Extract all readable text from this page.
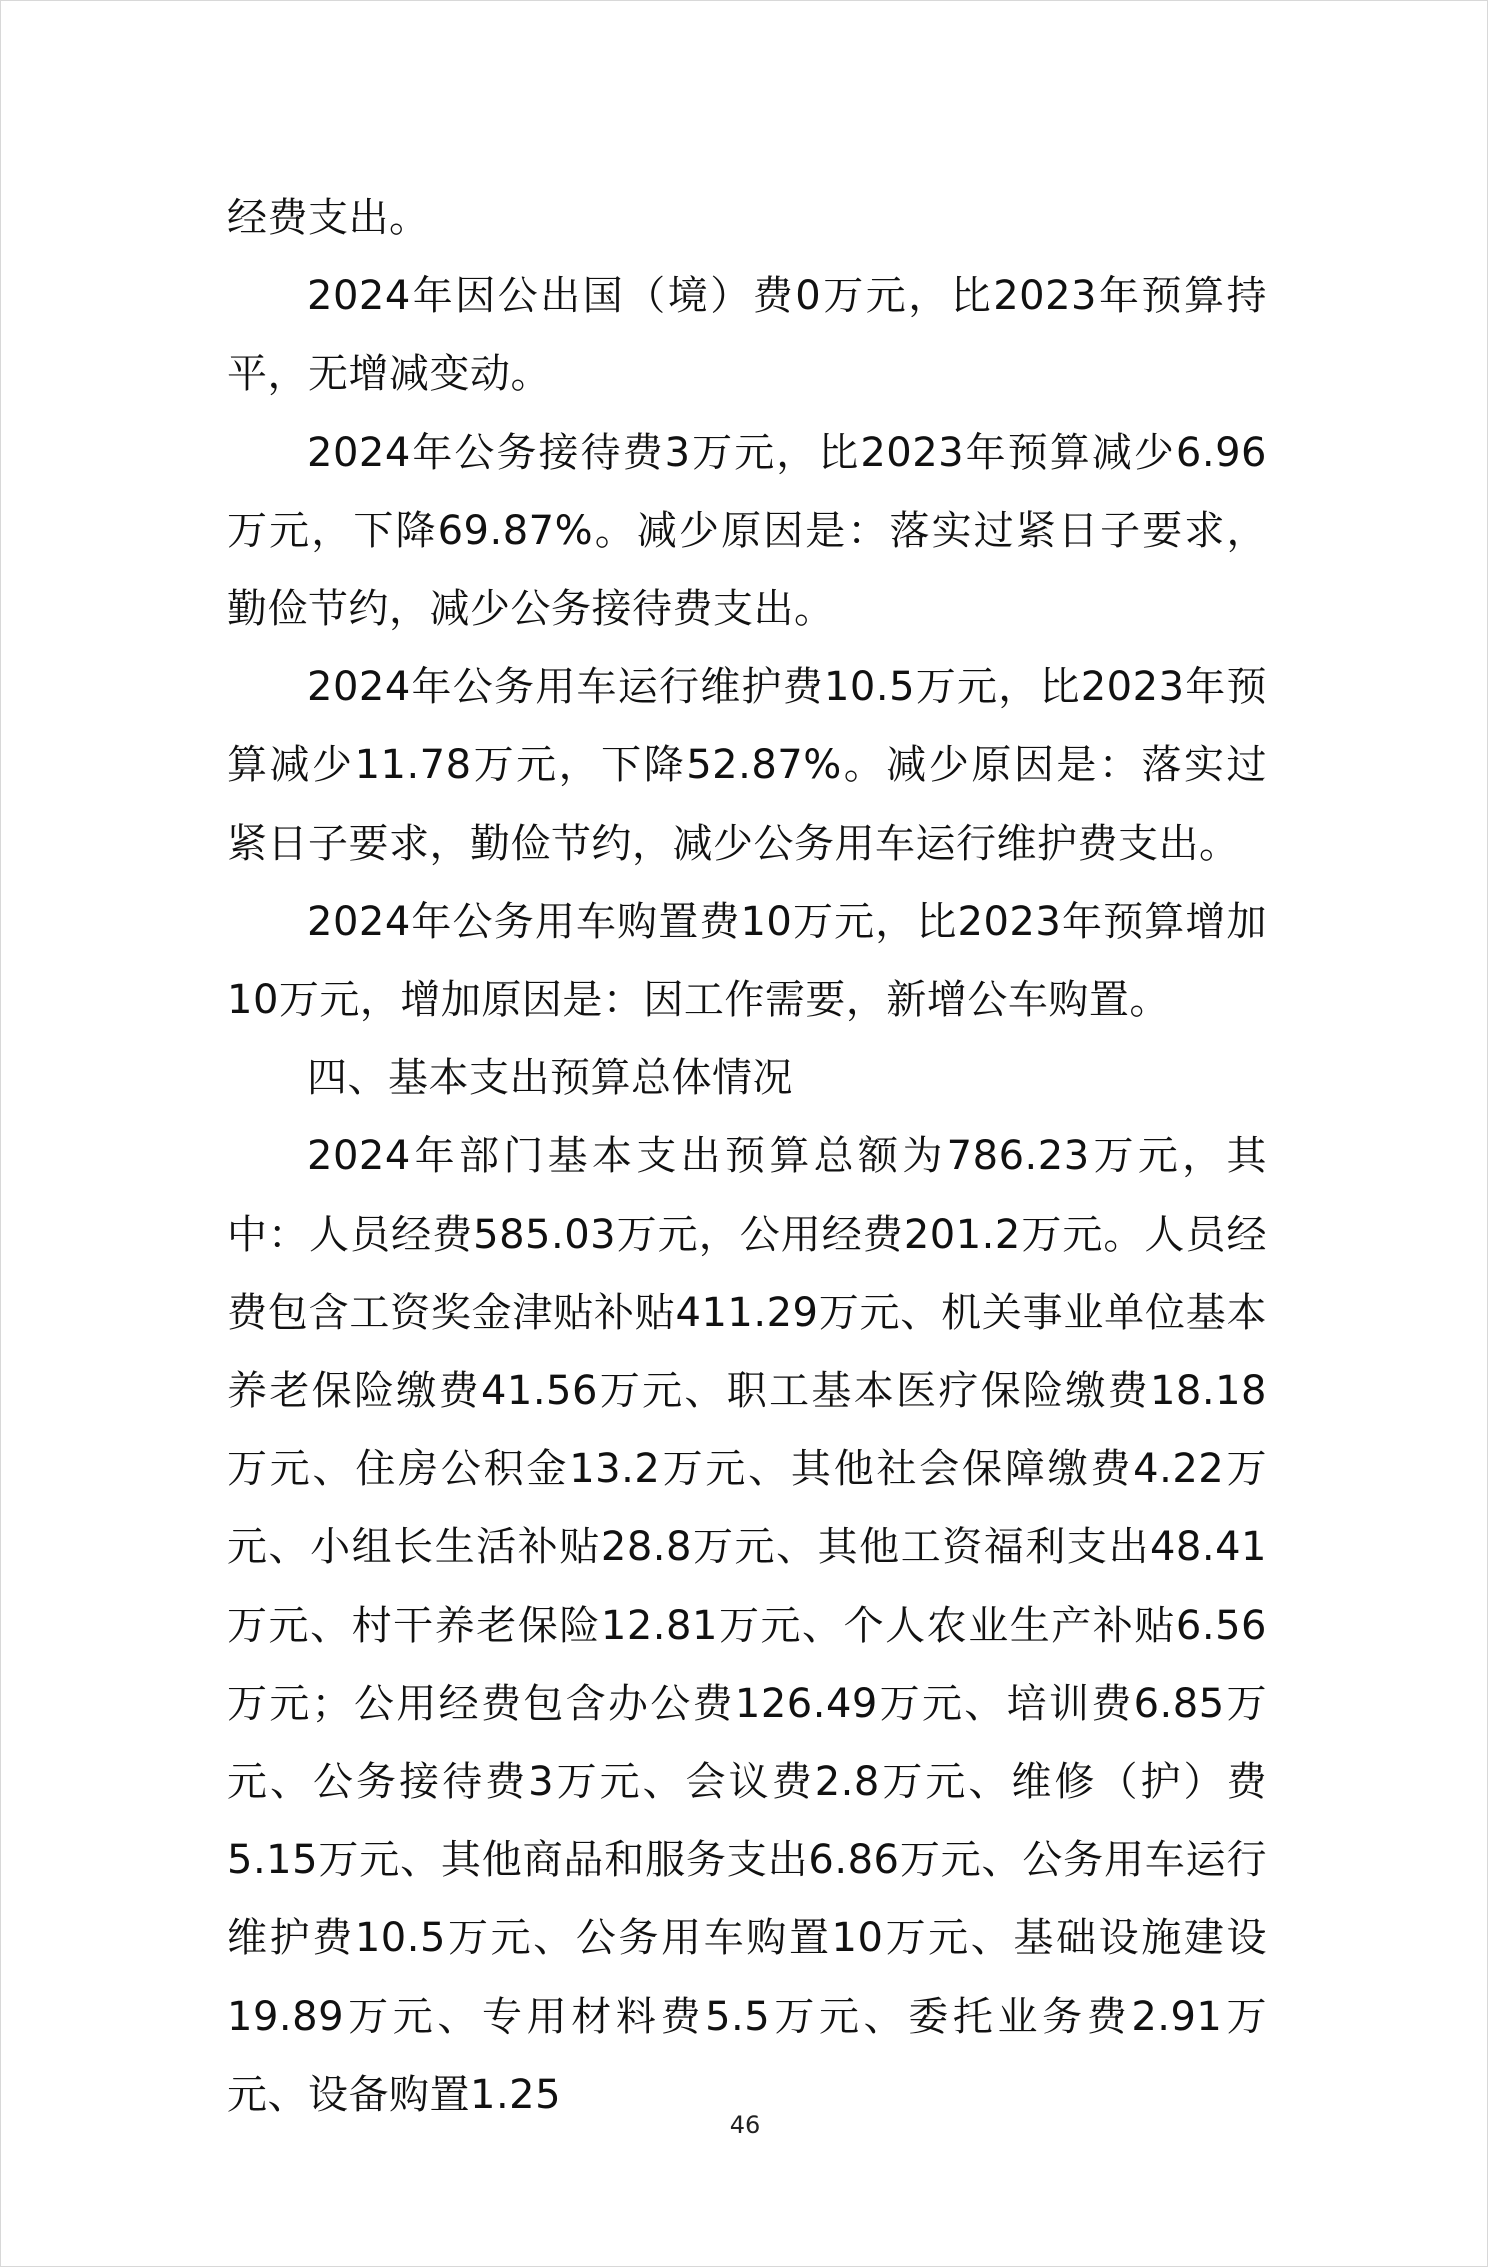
经费支出。

2024年因公出国（境）费0万元，比2023年预算持平，无增减变动。

2024年公务接待费3万元，比2023年预算减少6.96万元，下降69.87%。减少原因是：落实过紧日子要求，勤俭节约，减少公务接待费支出。

2024年公务用车运行维护费10.5万元，比2023年预算减少11.78万元，下降52.87%。减少原因是：落实过紧日子要求，勤俭节约，减少公务用车运行维护费支出。

2024年公务用车购置费10万元，比2023年预算增加10万元，增加原因是：因工作需要，新增公车购置。

四、基本支出预算总体情况

2024年部门基本支出预算总额为786.23万元，其中：人员经费585.03万元，公用经费201.2万元。人员经费包含工资奖金津贴补贴411.29万元、机关事业单位基本养老保险缴费41.56万元、职工基本医疗保险缴费18.18万元、住房公积金13.2万元、其他社会保障缴费4.22万元、小组长生活补贴28.8万元、其他工资福利支出48.41万元、村干养老保险12.81万元、个人农业生产补贴6.56万元；公用经费包含办公费126.49万元、培训费6.85万元、公务接待费3万元、会议费2.8万元、维修（护）费5.15万元、其他商品和服务支出6.86万元、公务用车运行维护费10.5万元、公务用车购置10万元、基础设施建设19.89万元、专用材料费5.5万元、委托业务费2.91万元、设备购置1.25

46
